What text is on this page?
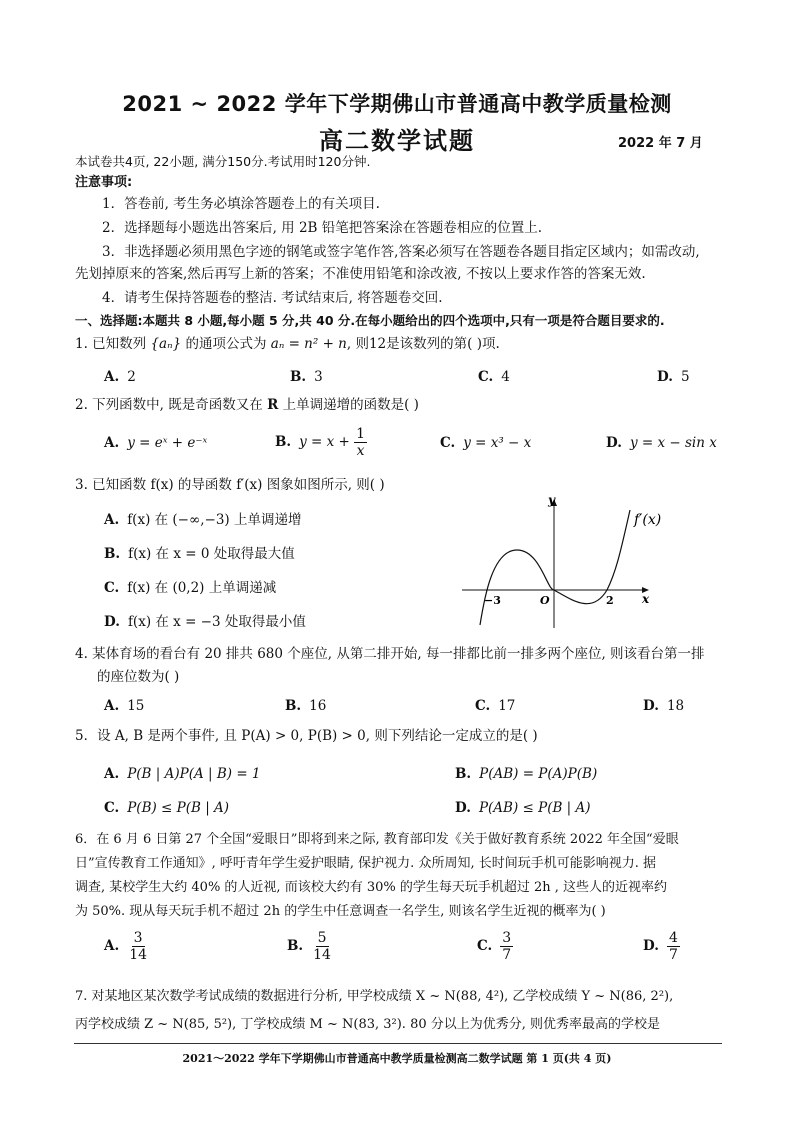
2021 ~ 2022 学年下学期佛山市普通高中教学质量检测
高二数学试题	2022 年 7 月
本试卷共4页, 22小题, 满分150分.考试用时120分钟.
注意事项:
1．答卷前, 考生务必填涂答题卷上的有关项目.
2．选择题每小题选出答案后, 用 2B 铅笔把答案涂在答题卷相应的位置上.
3．非选择题必须用黑色字迹的钢笔或签字笔作答,答案必须写在答题卷各题目指定区域内；如需改动,
先划掉原来的答案,然后再写上新的答案；不准使用铅笔和涂改液, 不按以上要求作答的答案无效.
4．请考生保持答题卷的整洁. 考试结束后, 将答题卷交回.
一、选择题:本题共 8 小题,每小题 5 分,共 40 分.在每小题给出的四个选项中,只有一项是符合题目要求的.
1. 已知数列 {aₙ} 的通项公式为 aₙ = n² + n, 则12是该数列的第( )项.
A. 2	B. 3	C. 4	D. 5
2. 下列函数中, 既是奇函数又在 R 上单调递增的函数是( )
A. y = eˣ + e⁻ˣ	B. $y = x + \frac{1}{x}$	C. y = x³ − x	D. y = x − sin x
3. 已知函数 f(x) 的导函数 f′(x) 图象如图所示, 则( )
A. f(x) 在 (−∞,−3) 上单调递增
B. f(x) 在 x = 0 处取得最大值
C. f(x) 在 (0,2) 上单调递减
D. f(x) 在 x = −3 处取得最小值
y
x
O
−3	2
f′(x)
4. 某体育场的看台有 20 排共 680 个座位, 从第二排开始, 每一排都比前一排多两个座位, 则该看台第一排
的座位数为( )
A. 15	B. 16	C. 17	D. 18
5．设 A, B 是两个事件, 且 P(A) > 0, P(B) > 0, 则下列结论一定成立的是( )
A. P(B | A)P(A | B) = 1	B. P(AB) = P(A)P(B)
C. P(B) ≤ P(B | A)	D. P(AB) ≤ P(B | A)
6．在 6 月 6 日第 27 个全国“爱眼日”即将到来之际, 教育部印发《关于做好教育系统 2022 年全国“爱眼
日”宣传教育工作通知》, 呼吁青年学生爱护眼睛, 保护视力. 众所周知, 长时间玩手机可能影响视力. 据
调查, 某校学生大约 40% 的人近视, 而该校大约有 30% 的学生每天玩手机超过 2h , 这些人的近视率约
为 50%. 现从每天玩手机不超过 2h 的学生中任意调查一名学生, 则该名学生近视的概率为( )
A. $\frac{3}{14}$	B. $\frac{5}{14}$	C. $\frac{3}{7}$	D. $\frac{4}{7}$
7. 对某地区某次数学考试成绩的数据进行分析, 甲学校成绩 X ~ N(88, 4²), 乙学校成绩 Y ~ N(86, 2²),
丙学校成绩 Z ~ N(85, 5²), 丁学校成绩 M ~ N(83, 3²). 80 分以上为优秀分, 则优秀率最高的学校是
2021～2022 学年下学期佛山市普通高中教学质量检测高二数学试题 第 1 页(共 4 页)
